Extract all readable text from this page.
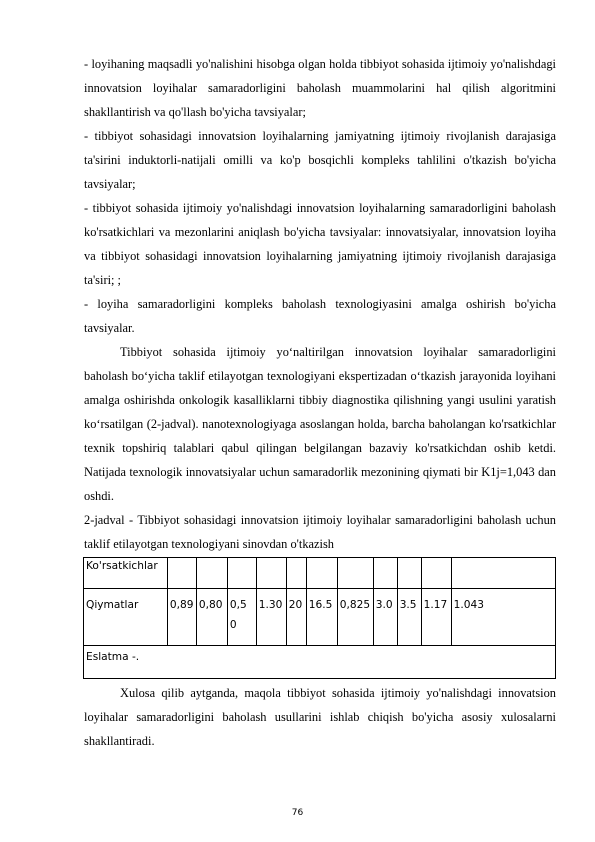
- loyihaning maqsadli yo'nalishini hisobga olgan holda tibbiyot sohasida ijtimoiy yo'nalishdagi innovatsion loyihalar samaradorligini baholash muammolarini hal qilish algoritmini shakllantirish va qo'llash bo'yicha tavsiyalar;

- tibbiyot sohasidagi innovatsion loyihalarning jamiyatning ijtimoiy rivojlanish darajasiga ta'sirini induktorli-natijali omilli va ko'p bosqichli kompleks tahlilini o'tkazish bo'yicha tavsiyalar;

- tibbiyot sohasida ijtimoiy yo'nalishdagi innovatsion loyihalarning samaradorligini baholash ko'rsatkichlari va mezonlarini aniqlash bo'yicha tavsiyalar: innovatsiyalar, innovatsion loyiha va tibbiyot sohasidagi innovatsion loyihalarning jamiyatning ijtimoiy rivojlanish darajasiga ta'siri; ;

- loyiha samaradorligini kompleks baholash texnologiyasini amalga oshirish bo'yicha tavsiyalar.

Tibbiyot sohasida ijtimoiy yo‘naltirilgan innovatsion loyihalar samaradorligini baholash bo‘yicha taklif etilayotgan texnologiyani ekspertizadan o‘tkazish jarayonida loyihani amalga oshirishda onkologik kasalliklarni tibbiy diagnostika qilishning yangi usulini yaratish ko‘rsatilgan (2-jadval). nanotexnologiyaga asoslangan holda, barcha baholangan ko'rsatkichlar texnik topshiriq talablari qabul qilingan belgilangan bazaviy ko'rsatkichdan oshib ketdi. Natijada texnologik innovatsiyalar uchun samaradorlik mezonining qiymati bir K1j=1,043 dan oshdi.

2-jadval - Tibbiyot sohasidagi innovatsion ijtimoiy loyihalar samaradorligini baholash uchun taklif etilayotgan texnologiyani sinovdan o'tkazish

Ko'rsatkichlar											
Qiymatlar	0,89	0,80	0,5 0	1.30	20	16.5	0,825	3.0	3.5	1.17	1.043
Eslatma -.											

Xulosa qilib aytganda, maqola tibbiyot sohasida ijtimoiy yo'nalishdagi innovatsion loyihalar samaradorligini baholash usullarini ishlab chiqish bo'yicha asosiy xulosalarni shakllantiradi.

76
